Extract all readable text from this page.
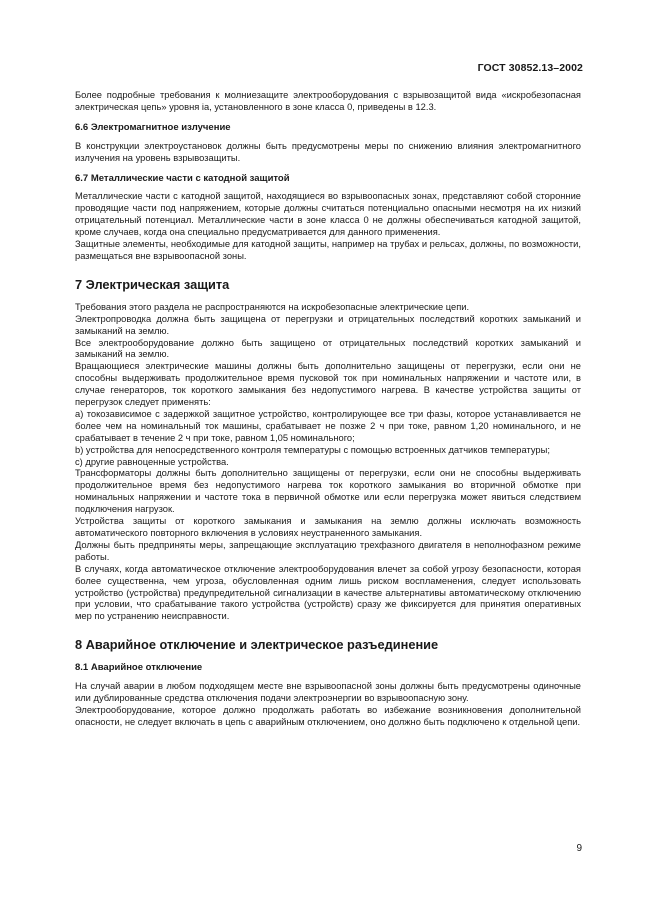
ГОСТ 30852.13–2002

Более подробные требования к молниезащите электрооборудования с взрывозащитой вида «искробезопасная электрическая цепь» уровня ia, установленного в зоне класса 0, приведены в 12.3.

6.6 Электромагнитное излучение

В конструкции электроустановок должны быть предусмотрены меры по снижению влияния электромагнитного излучения на уровень взрывозащиты.

6.7 Металлические части с катодной защитой

Металлические части с катодной защитой, находящиеся во взрывоопасных зонах, представляют собой сторонние проводящие части под напряжением, которые должны считаться потенциально опасными несмотря на их низкий отрицательный потенциал. Металлические части в зоне класса 0 не должны обеспечиваться катодной защитой, кроме случаев, когда она специально предусматривается для данного применения.

Защитные элементы, необходимые для катодной защиты, например на трубах и рельсах, должны, по возможности, размещаться вне взрывоопасной зоны.

7 Электрическая защита

Требования этого раздела не распространяются на искробезопасные электрические цепи.

Электропроводка должна быть защищена от перегрузки и отрицательных последствий коротких замыканий и замыканий на землю.

Все электрооборудование должно быть защищено от отрицательных последствий коротких замыканий и замыканий на землю.

Вращающиеся электрические машины должны быть дополнительно защищены от перегрузки, если они не способны выдерживать продолжительное время пусковой ток при номинальных напряжении и частоте или, в случае генераторов, ток короткого замыкания без недопустимого нагрева. В качестве устройства защиты от перегрузок следует применять:

a) токозависимое с задержкой защитное устройство, контролирующее все три фазы, которое устанавливается не более чем на номинальный ток машины, срабатывает не позже 2 ч при токе, равном 1,20 номинального, и не срабатывает в течение 2 ч при токе, равном 1,05 номинального;

b) устройства для непосредственного контроля температуры с помощью встроенных датчиков температуры;

c) другие равноценные устройства.

Трансформаторы должны быть дополнительно защищены от перегрузки, если они не способны выдерживать продолжительное время без недопустимого нагрева ток короткого замыкания во вторичной обмотке при номинальных напряжении и частоте тока в первичной обмотке или если перегрузка может явиться следствием подключения нагрузок.

Устройства защиты от короткого замыкания и замыкания на землю должны исключать возможность автоматического повторного включения в условиях неустраненного замыкания.

Должны быть предприняты меры, запрещающие эксплуатацию трехфазного двигателя в неполнофазном режиме работы.

В случаях, когда автоматическое отключение электрооборудования влечет за собой угрозу безопасности, которая более существенна, чем угроза, обусловленная одним лишь риском воспламенения, следует использовать устройство (устройства) предупредительной сигнализации в качестве альтернативы автоматическому отключению при условии, что срабатывание такого устройства (устройств) сразу же фиксируется для принятия оперативных мер по устранению неисправности.

8 Аварийное отключение и электрическое разъединение
8.1 Аварийное отключение

На случай аварии в любом подходящем месте вне взрывоопасной зоны должны быть предусмотрены одиночные или дублированные средства отключения подачи электроэнергии во взрывоопасную зону.

Электрооборудование, которое должно продолжать работать во избежание возникновения дополнительной опасности, не следует включать в цепь с аварийным отключением, оно должно быть подключено к отдельной цепи.

9
